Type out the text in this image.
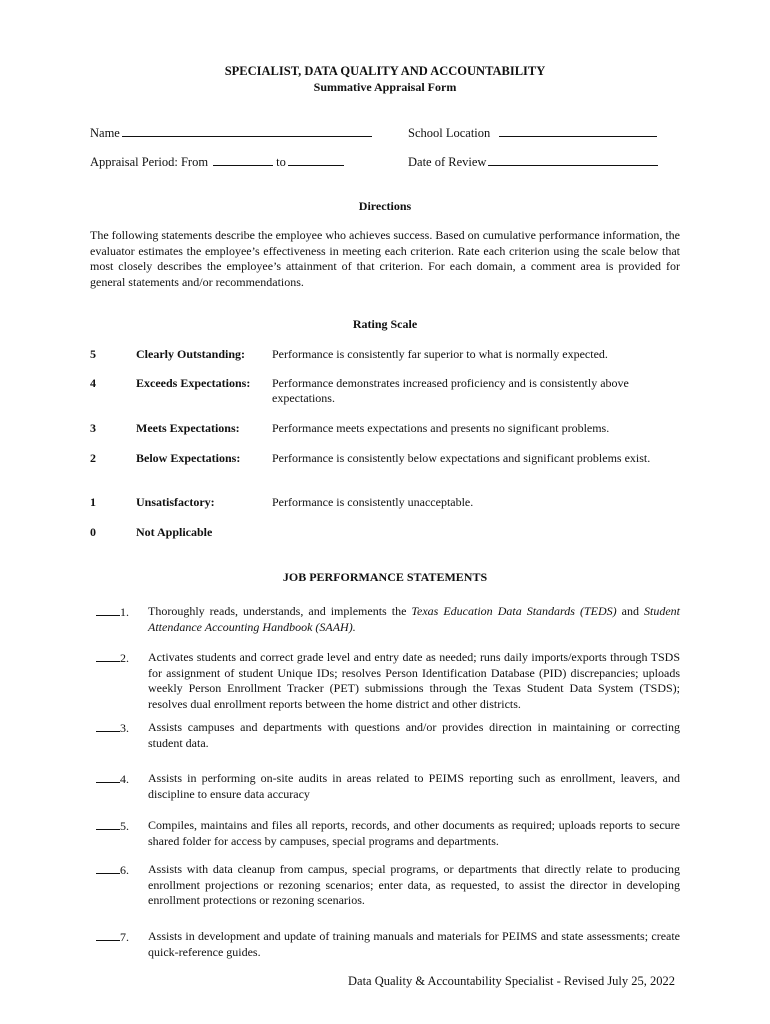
SPECIALIST, DATA QUALITY AND ACCOUNTABILITY
Summative Appraisal Form
Name	School Location
Appraisal Period: From	to	Date of Review
Directions
The following statements describe the employee who achieves success. Based on cumulative performance information, the evaluator estimates the employee’s effectiveness in meeting each criterion. Rate each criterion using the scale below that most closely describes the employee’s attainment of that criterion. For each domain, a comment area is provided for general statements and/or recommendations.
Rating Scale
5	Clearly Outstanding: Performance is consistently far superior to what is normally expected.
4	Exceeds Expectations: Performance demonstrates increased proficiency and is consistently above expectations.
3	Meets Expectations:	Performance meets expectations and presents no significant problems.
2	Below Expectations:	Performance is consistently below expectations and significant problems exist.
1	Unsatisfactory:	Performance is consistently unacceptable.
0	Not Applicable
JOB PERFORMANCE STATEMENTS
1.	Thoroughly reads, understands, and implements the Texas Education Data Standards (TEDS) and Student Attendance Accounting Handbook (SAAH).
2.	Activates students and correct grade level and entry date as needed; runs daily imports/exports through TSDS for assignment of student Unique IDs; resolves Person Identification Database (PID) discrepancies; uploads weekly Person Enrollment Tracker (PET) submissions through the Texas Student Data System (TSDS); resolves dual enrollment reports between the home district and other districts.
3.	Assists campuses and departments with questions and/or provides direction in maintaining or correcting student data.
4.	Assists in performing on-site audits in areas related to PEIMS reporting such as enrollment, leavers, and discipline to ensure data accuracy
5.	Compiles, maintains and files all reports, records, and other documents as required; uploads reports to secure shared folder for access by campuses, special programs and departments.
6.	Assists with data cleanup from campus, special programs, or departments that directly relate to producing enrollment projections or rezoning scenarios; enter data, as requested, to assist the director in developing enrollment protections or rezoning scenarios.
7.	Assists in development and update of training manuals and materials for PEIMS and state assessments; create quick-reference guides.
Data Quality & Accountability Specialist - Revised July 25, 2022
